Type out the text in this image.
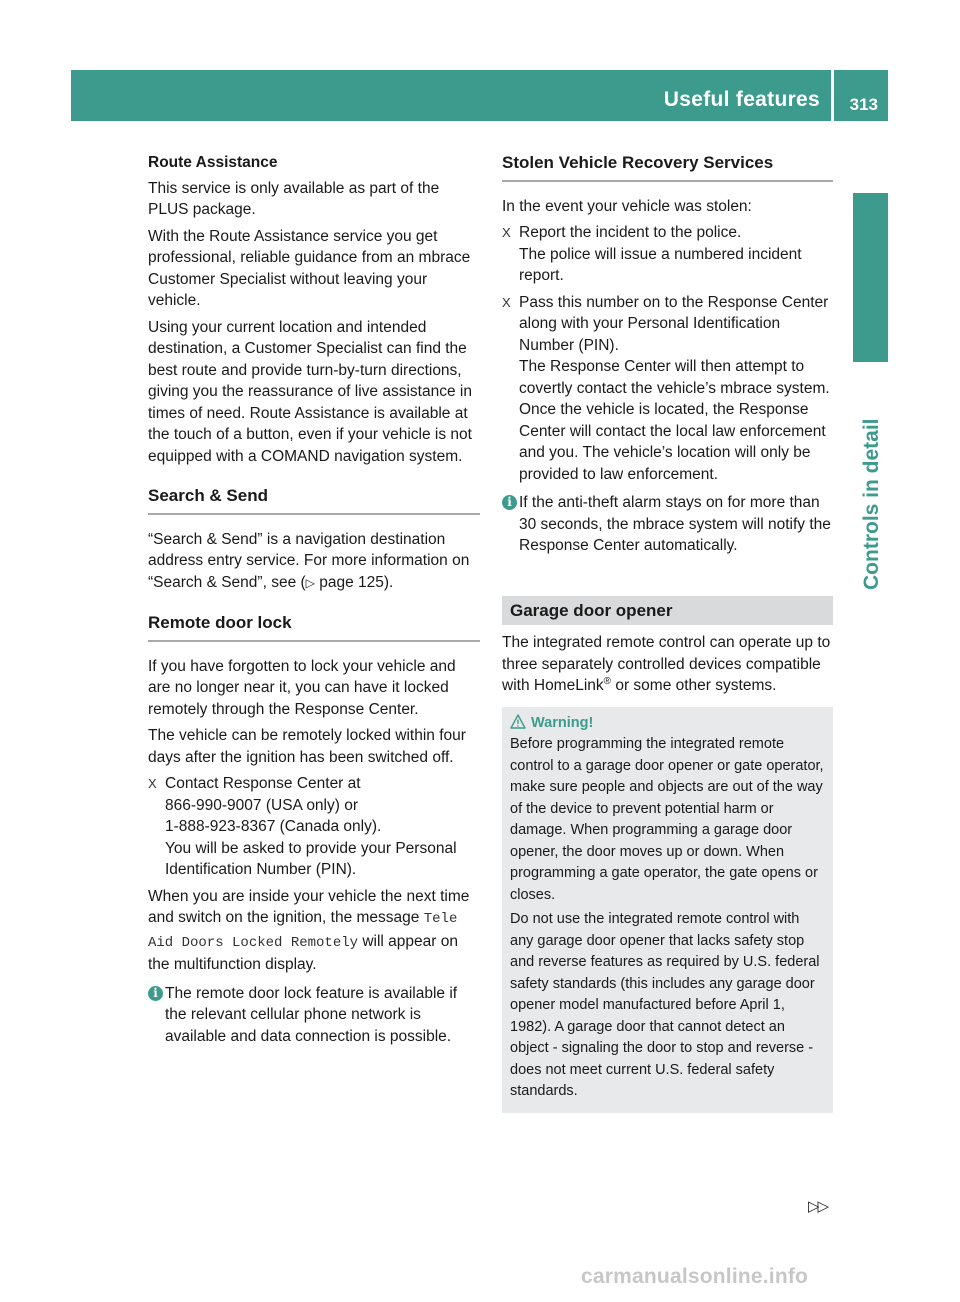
Useful features 313
Controls in detail

Route Assistance

This service is only available as part of the PLUS package.

With the Route Assistance service you get professional, reliable guidance from an mbrace Customer Specialist without leaving your vehicle.

Using your current location and intended destination, a Customer Specialist can find the best route and provide turn-by-turn directions, giving you the reassurance of live assistance in times of need. Route Assistance is available at the touch of a button, even if your vehicle is not equipped with a COMAND navigation system.

Search & Send

“Search & Send” is a navigation destination address entry service. For more information on “Search & Send”, see (▷ page 125).

Remote door lock

If you have forgotten to lock your vehicle and are no longer near it, you can have it locked remotely through the Response Center.

The vehicle can be remotely locked within four days after the ignition has been switched off.

X Contact Response Center at
866-990-9007 (USA only) or
1-888-923-8367 (Canada only).
You will be asked to provide your Personal Identification Number (PIN).

When you are inside your vehicle the next time and switch on the ignition, the message Tele Aid Doors Locked Remotely will appear on the multifunction display.

i The remote door lock feature is available if the relevant cellular phone network is available and data connection is possible.
Stolen Vehicle Recovery Services

In the event your vehicle was stolen:

X Report the incident to the police.
The police will issue a numbered incident report.
X Pass this number on to the Response Center along with your Personal Identification Number (PIN).
The Response Center will then attempt to covertly contact the vehicle’s mbrace system. Once the vehicle is located, the Response Center will contact the local law enforcement and you. The vehicle’s location will only be provided to law enforcement.
i If the anti-theft alarm stays on for more than 30 seconds, the mbrace system will notify the Response Center automatically.
Garage door opener

The integrated remote control can operate up to three separately controlled devices compatible with HomeLink® or some other systems.

Warning!

Before programming the integrated remote control to a garage door opener or gate operator, make sure people and objects are out of the way of the device to prevent potential harm or damage. When programming a garage door opener, the door moves up or down. When programming a gate operator, the gate opens or closes.

Do not use the integrated remote control with any garage door opener that lacks safety stop and reverse features as required by U.S. federal safety standards (this includes any garage door opener model manufactured before April 1, 1982). A garage door that cannot detect an object - signaling the door to stop and reverse - does not meet current U.S. federal safety standards.

▷▷
carmanualsonline.info
